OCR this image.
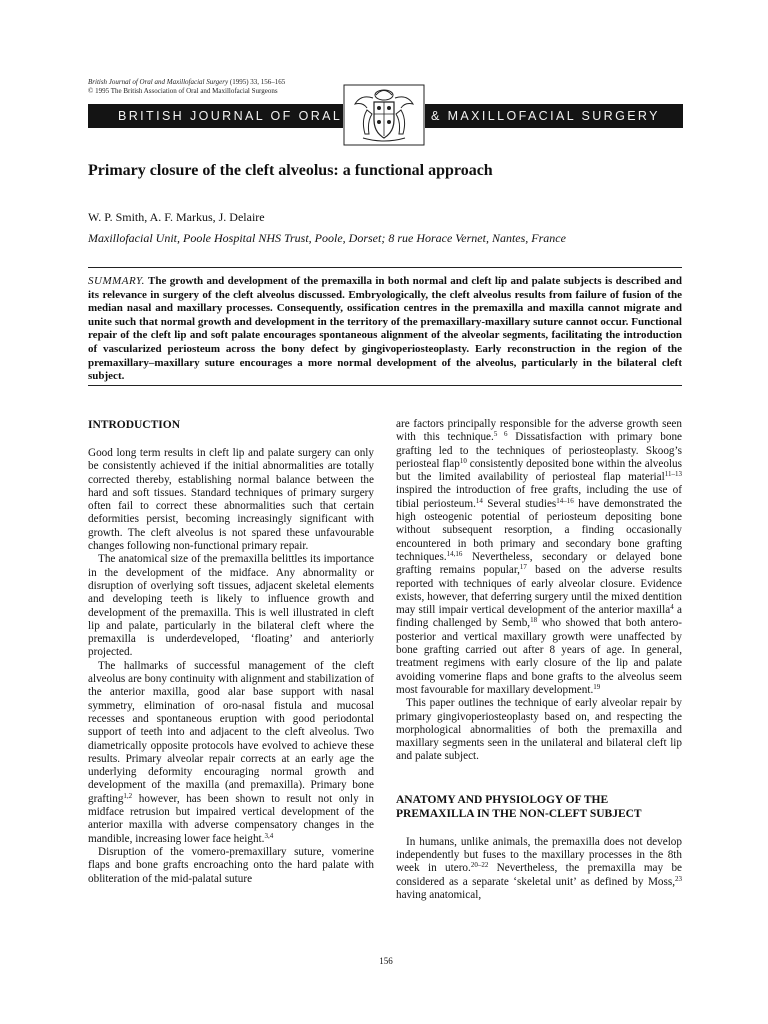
British Journal of Oral and Maxillofacial Surgery (1995) 33, 156–165
© 1995 The British Association of Oral and Maxillofacial Surgeons
BRITISH JOURNAL OF ORAL	& MAXILLOFACIAL SURGERY
Primary closure of the cleft alveolus: a functional approach
W. P. Smith, A. F. Markus, J. Delaire
Maxillofacial Unit, Poole Hospital NHS Trust, Poole, Dorset; 8 rue Horace Vernet, Nantes, France

SUMMARY. The growth and development of the premaxilla in both normal and cleft lip and palate subjects is described and its relevance in surgery of the cleft alveolus discussed. Embryologically, the cleft alveolus results from failure of fusion of the median nasal and maxillary processes. Consequently, ossification centres in the premaxilla and maxilla cannot migrate and unite such that normal growth and development in the territory of the premaxillary-maxillary suture cannot occur. Functional repair of the cleft lip and soft palate encourages spontaneous alignment of the alveolar segments, facilitating the introduction of vascularized periosteum across the bony defect by gingivoperiosteoplasty. Early reconstruction in the region of the premaxillary–maxillary suture encourages a more normal development of the alveolus, particularly in the bilateral cleft subject.

INTRODUCTION

Good long term results in cleft lip and palate surgery can only be consistently achieved if the initial abnormalities are totally corrected thereby, establishing normal balance between the hard and soft tissues. Standard techniques of primary surgery often fail to correct these abnormalities such that certain deformities persist, becoming increasingly significant with growth. The cleft alveolus is not spared these unfavourable changes following non-functional primary repair.

The anatomical size of the premaxilla belittles its importance in the development of the midface. Any abnormality or disruption of overlying soft tissues, adjacent skeletal elements and developing teeth is likely to influence growth and development of the premaxilla. This is well illustrated in cleft lip and palate, particularly in the bilateral cleft where the premaxilla is underdeveloped, ‘floating’ and anteriorly projected.

The hallmarks of successful management of the cleft alveolus are bony continuity with alignment and stabilization of the anterior maxilla, good alar base support with nasal symmetry, elimination of oro-nasal fistula and mucosal recesses and spontaneous eruption with good periodontal support of teeth into and adjacent to the cleft alveolus. Two diametrically opposite protocols have evolved to achieve these results. Primary alveolar repair corrects at an early age the underlying deformity encouraging normal growth and development of the maxilla (and premaxilla). Primary bone grafting$^{1,2}$ however, has been shown to result not only in midface retrusion but impaired vertical development of the anterior maxilla with adverse compensatory changes in the mandible, increasing lower face height.$^{3,4}$

Disruption of the vomero-premaxillary suture, vomerine flaps and bone grafts encroaching onto the hard palate with obliteration of the mid-palatal suture

are factors principally responsible for the adverse growth seen with this technique.$^{5 6}$ Dissatisfaction with primary bone grafting led to the techniques of periosteoplasty. Skoog’s periosteal flap$^{10}$ consistently deposited bone within the alveolus but the limited availability of periosteal flap material$^{11-13}$ inspired the introduction of free grafts, including the use of tibial periosteum.$^{14}$ Several studies$^{14-16}$ have demonstrated the high osteogenic potential of periosteum depositing bone without subsequent resorption, a finding occasionally encountered in both primary and secondary bone grafting techniques.$^{14,16}$ Nevertheless, secondary or delayed bone grafting remains popular,$^{17}$ based on the adverse results reported with techniques of early alveolar closure. Evidence exists, however, that deferring surgery until the mixed dentition may still impair vertical development of the anterior maxilla$^4$ a finding challenged by Semb,$^{18}$ who showed that both antero-posterior and vertical maxillary growth were unaffected by bone grafting carried out after 8 years of age. In general, treatment regimens with early closure of the lip and palate avoiding vomerine flaps and bone grafts to the alveolus seem most favourable for maxillary development.$^{19}$

This paper outlines the technique of early alveolar repair by primary gingivoperiosteoplasty based on, and respecting the morphological abnormalities of both the premaxilla and maxillary segments seen in the unilateral and bilateral cleft lip and palate subject.

ANATOMY AND PHYSIOLOGY OF THE PREMAXILLA IN THE NON-CLEFT SUBJECT

In humans, unlike animals, the premaxilla does not develop independently but fuses to the maxillary processes in the 8th week in utero.$^{20-22}$ Nevertheless, the premaxilla may be considered as a separate ‘skeletal unit’ as defined by Moss,$^{23}$ having anatomical,

156
